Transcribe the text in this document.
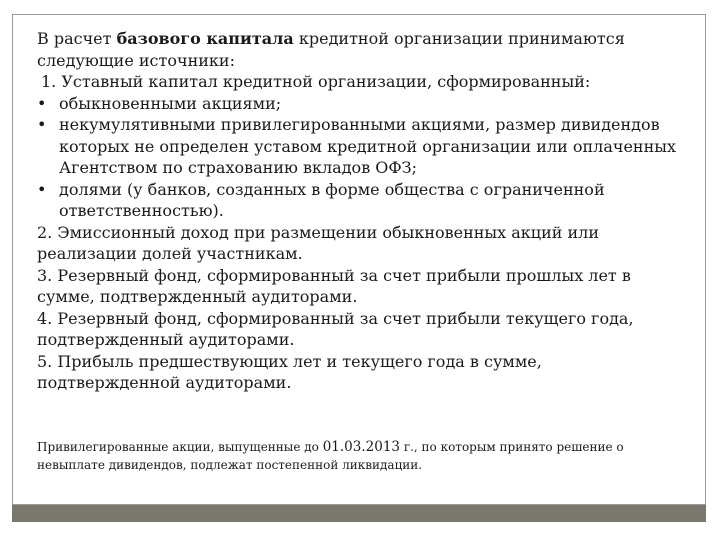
В расчет базового капитала кредитной организации принимаются следующие источники:

1. Уставный капитал кредитной организации, сформированный:

• обыкновенными акциями;
• некумулятивными привилегированными акциями, размер дивидендов которых не определен уставом кредитной организации или оплаченных Агентством по страхованию вкладов ОФЗ;
• долями (у банков, созданных в форме общества с ограниченной ответственностью).

2. Эмиссионный доход при размещении обыкновенных акций или реализации долей участникам.

3. Резервный фонд, сформированный за счет прибыли прошлых лет в сумме, подтвержденный аудиторами.

4. Резервный фонд, сформированный за счет прибыли текущего года, подтвержденный аудиторами.

5. Прибыль предшествующих лет и текущего года в сумме, подтвержденной аудиторами.

Привилегированные акции, выпущенные до 01.03.2013 г., по которым принято решение о невыплате дивидендов, подлежат постепенной ликвидации.
